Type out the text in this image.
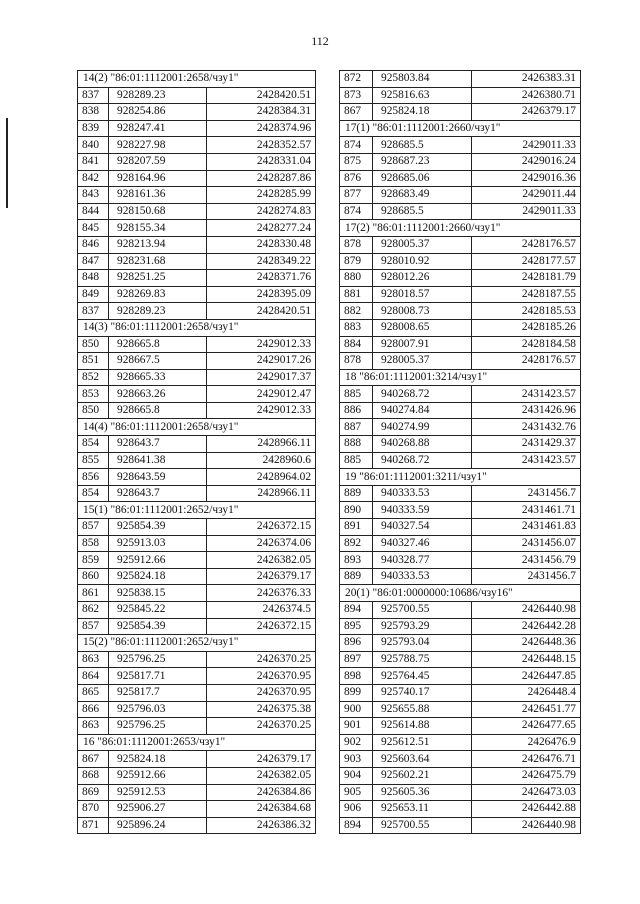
112
14(2) "86:01:1112001:2658/чзу1"		
837	928289.23	2428420.51
838	928254.86	2428384.31
839	928247.41	2428374.96
840	928227.98	2428352.57
841	928207.59	2428331.04
842	928164.96	2428287.86
843	928161.36	2428285.99
844	928150.68	2428274.83
845	928155.34	2428277.24
846	928213.94	2428330.48
847	928231.68	2428349.22
848	928251.25	2428371.76
849	928269.83	2428395.09
837	928289.23	2428420.51
14(3) "86:01:1112001:2658/чзу1"		
850	928665.8	2429012.33
851	928667.5	2429017.26
852	928665.33	2429017.37
853	928663.26	2429012.47
850	928665.8	2429012.33
14(4) "86:01:1112001:2658/чзу1"		
854	928643.7	2428966.11
855	928641.38	2428960.6
856	928643.59	2428964.02
854	928643.7	2428966.11
15(1) "86:01:1112001:2652/чзу1"		
857	925854.39	2426372.15
858	925913.03	2426374.06
859	925912.66	2426382.05
860	925824.18	2426379.17
861	925838.15	2426376.33
862	925845.22	2426374.5
857	925854.39	2426372.15
15(2) "86:01:1112001:2652/чзу1"		
863	925796.25	2426370.25
864	925817.71	2426370.95
865	925817.7	2426370.95
866	925796.03	2426375.38
863	925796.25	2426370.25
16 "86:01:1112001:2653/чзу1"		
867	925824.18	2426379.17
868	925912.66	2426382.05
869	925912.53	2426384.86
870	925906.27	2426384.68
871	925896.24	2426386.32
872	925803.84	2426383.31
873	925816.63	2426380.71
867	925824.18	2426379.17
17(1) "86:01:1112001:2660/чзу1"		
874	928685.5	2429011.33
875	928687.23	2429016.24
876	928685.06	2429016.36
877	928683.49	2429011.44
874	928685.5	2429011.33
17(2) "86:01:1112001:2660/чзу1"		
878	928005.37	2428176.57
879	928010.92	2428177.57
880	928012.26	2428181.79
881	928018.57	2428187.55
882	928008.73	2428185.53
883	928008.65	2428185.26
884	928007.91	2428184.58
878	928005.37	2428176.57
18 "86:01:1112001:3214/чзу1"		
885	940268.72	2431423.57
886	940274.84	2431426.96
887	940274.99	2431432.76
888	940268.88	2431429.37
885	940268.72	2431423.57
19 "86:01:1112001:3211/чзу1"		
889	940333.53	2431456.7
890	940333.59	2431461.71
891	940327.54	2431461.83
892	940327.46	2431456.07
893	940328.77	2431456.79
889	940333.53	2431456.7
20(1) "86:01:0000000:10686/чзу16"		
894	925700.55	2426440.98
895	925793.29	2426442.28
896	925793.04	2426448.36
897	925788.75	2426448.15
898	925764.45	2426447.85
899	925740.17	2426448.4
900	925655.88	2426451.77
901	925614.88	2426477.65
902	925612.51	2426476.9
903	925603.64	2426476.71
904	925602.21	2426475.79
905	925605.36	2426473.03
906	925653.11	2426442.88
894	925700.55	2426440.98
